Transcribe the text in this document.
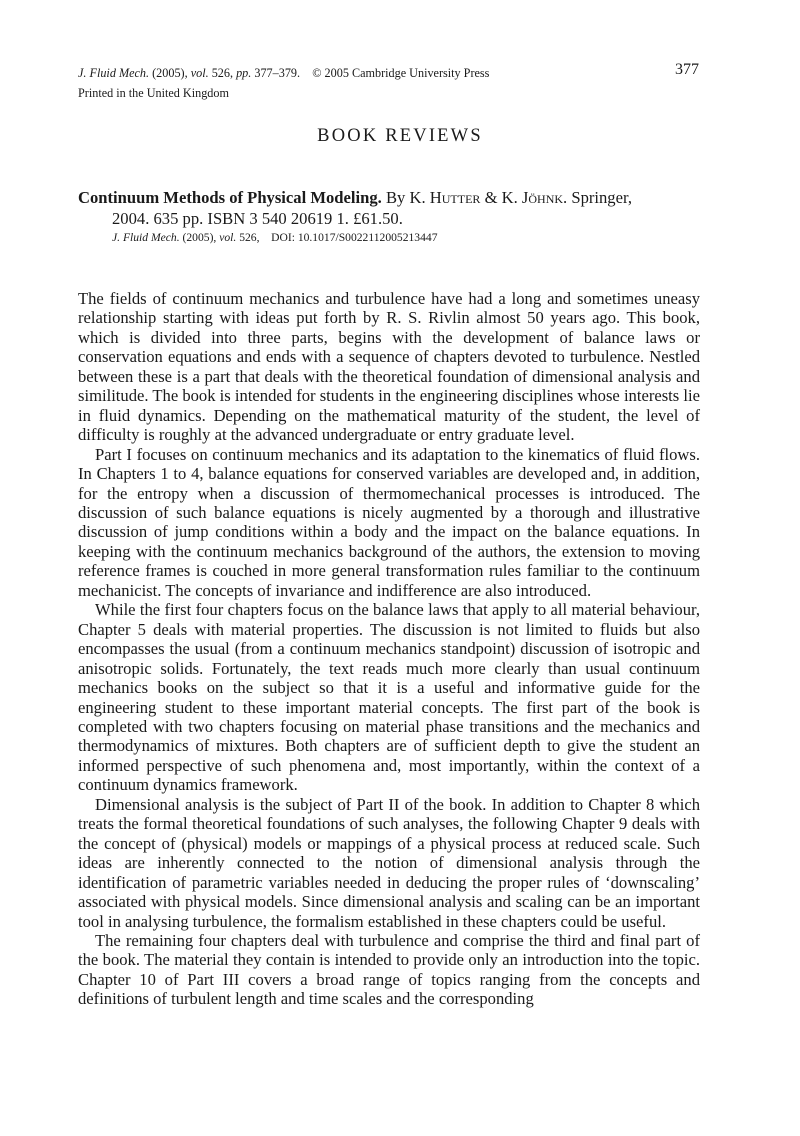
J. Fluid Mech. (2005), vol. 526, pp. 377–379. © 2005 Cambridge University Press	377
Printed in the United Kingdom
BOOK REVIEWS
Continuum Methods of Physical Modeling. By K. Hutter & K. Jöhnk. Springer,
2004. 635 pp. ISBN 3 540 20619 1. £61.50.
J. Fluid Mech. (2005), vol. 526, DOI: 10.1017/S0022112005213447

The fields of continuum mechanics and turbulence have had a long and sometimes uneasy relationship starting with ideas put forth by R. S. Rivlin almost 50 years ago. This book, which is divided into three parts, begins with the development of balance laws or conservation equations and ends with a sequence of chapters devoted to turbulence. Nestled between these is a part that deals with the theoretical foundation of dimensional analysis and similitude. The book is intended for students in the engineering disciplines whose interests lie in fluid dynamics. Depending on the mathematical maturity of the student, the level of difficulty is roughly at the advanced undergraduate or entry graduate level.

Part I focuses on continuum mechanics and its adaptation to the kinematics of fluid flows. In Chapters 1 to 4, balance equations for conserved variables are developed and, in addition, for the entropy when a discussion of thermomechanical processes is introduced. The discussion of such balance equations is nicely augmented by a thorough and illustrative discussion of jump conditions within a body and the impact on the balance equations. In keeping with the continuum mechanics background of the authors, the extension to moving reference frames is couched in more general transformation rules familiar to the continuum mechanicist. The concepts of invariance and indifference are also introduced.

While the first four chapters focus on the balance laws that apply to all material behaviour, Chapter 5 deals with material properties. The discussion is not limited to fluids but also encompasses the usual (from a continuum mechanics standpoint) discussion of isotropic and anisotropic solids. Fortunately, the text reads much more clearly than usual continuum mechanics books on the subject so that it is a useful and informative guide for the engineering student to these important material concepts. The first part of the book is completed with two chapters focusing on material phase transitions and the mechanics and thermodynamics of mixtures. Both chapters are of sufficient depth to give the student an informed perspective of such phenomena and, most importantly, within the context of a continuum dynamics framework.

Dimensional analysis is the subject of Part II of the book. In addition to Chapter 8 which treats the formal theoretical foundations of such analyses, the following Chapter 9 deals with the concept of (physical) models or mappings of a physical process at reduced scale. Such ideas are inherently connected to the notion of dimensional analysis through the identification of parametric variables needed in deducing the proper rules of ‘downscaling’ associated with physical models. Since dimensional analysis and scaling can be an important tool in analysing turbulence, the formalism established in these chapters could be useful.

The remaining four chapters deal with turbulence and comprise the third and final part of the book. The material they contain is intended to provide only an introduction into the topic. Chapter 10 of Part III covers a broad range of topics ranging from the concepts and definitions of turbulent length and time scales and the corresponding
